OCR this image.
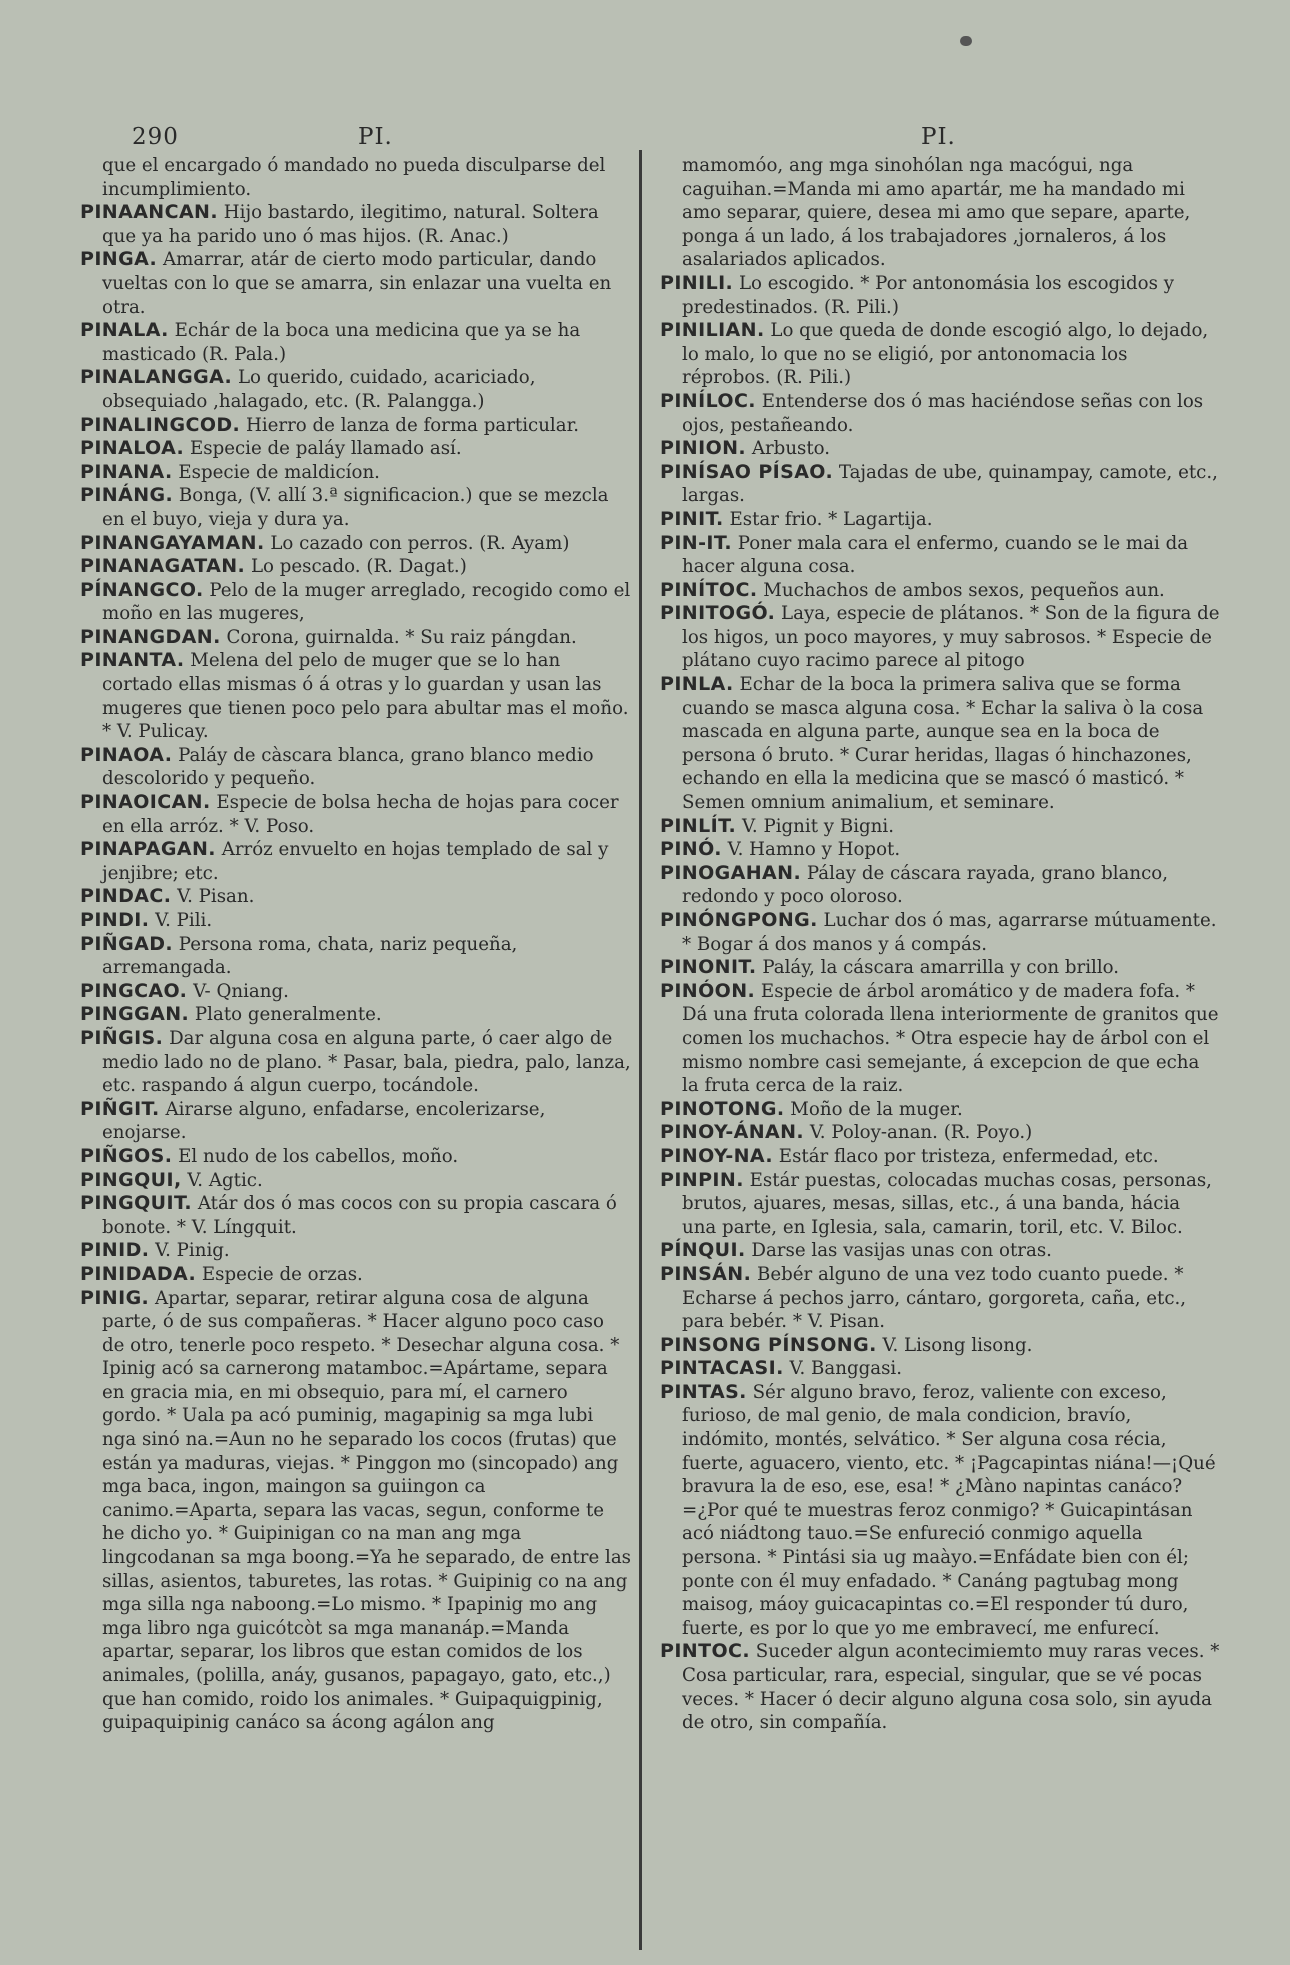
290	PI.	PI.

que el encargado ó mandado no pueda disculparse del incumplimiento.

PINAANCAN. Hijo bastardo, ilegitimo, natural. Soltera que ya ha parido uno ó mas hijos. (R. Anac.)

PINGA. Amarrar, atár de cierto modo particular, dando vueltas con lo que se amarra, sin enlazar una vuelta en otra.

PINALA. Echár de la boca una medicina que ya se ha masticado (R. Pala.)

PINALANGGA. Lo querido, cuidado, acariciado, obsequiado ,halagado, etc. (R. Palangga.)

PINALINGCOD. Hierro de lanza de forma particular.

PINALOA. Especie de paláy llamado así.

PINANA. Especie de maldicíon.

PINÁNG. Bonga, (V. allí 3.ª significacion.) que se mezcla en el buyo, vieja y dura ya.

PINANGAYAMAN. Lo cazado con perros. (R. Ayam)

PINANAGATAN. Lo pescado. (R. Dagat.)

PÍNANGCO. Pelo de la muger arreglado, recogido como el moño en las mugeres,

PINANGDAN. Corona, guirnalda. * Su raiz pángdan.

PINANTA. Melena del pelo de muger que se lo han cortado ellas mismas ó á otras y lo guardan y usan las mugeres que tienen poco pelo para abultar mas el moño. * V. Pulicay.

PINAOA. Paláy de càscara blanca, grano blanco medio descolorido y pequeño.

PINAOICAN. Especie de bolsa hecha de hojas para cocer en ella arróz. * V. Poso.

PINAPAGAN. Arróz envuelto en hojas templado de sal y jenjibre; etc.

PINDAC. V. Pisan.

PINDI. V. Pili.

PIÑGAD. Persona roma, chata, nariz pequeña, arremangada.

PINGCAO. V- Qniang.

PINGGAN. Plato generalmente.

PIÑGIS. Dar alguna cosa en alguna parte, ó caer algo de medio lado no de plano. * Pasar, bala, piedra, palo, lanza, etc. raspando á algun cuerpo, tocándole.

PIÑGIT. Airarse alguno, enfadarse, encolerizarse, enojarse.

PIÑGOS. El nudo de los cabellos, moño.

PINGQUI, V. Agtic.

PINGQUIT. Atár dos ó mas cocos con su propia cascara ó bonote. * V. Língquit.

PINID. V. Pinig.

PINIDADA. Especie de orzas.

PINIG. Apartar, separar, retirar alguna cosa de alguna parte, ó de sus compañeras. * Hacer alguno poco caso de otro, tenerle poco respeto. * Desechar alguna cosa. * Ipinig acó sa carnerong matamboc.=Apártame, separa en gracia mia, en mi obsequio, para mí, el carnero gordo. * Uala pa acó puminig, magapinig sa mga lubi nga sinó na.=Aun no he separado los cocos (frutas) que están ya maduras, viejas. * Pinggon mo (sincopado) ang mga baca, ingon, maingon sa guiingon ca canimo.=Aparta, separa las vacas, segun, conforme te he dicho yo. * Guipinigan co na man ang mga lingcodanan sa mga boong.=Ya he separado, de entre las sillas, asientos, taburetes, las rotas. * Guipinig co na ang mga silla nga naboong.=Lo mismo. * Ipapinig mo ang mga libro nga guicótcòt sa mga mananáp.=Manda apartar, separar, los libros que estan comidos de los animales, (polilla, anáy, gusanos, papagayo, gato, etc.,) que han comido, roido los animales. * Guipaquigpinig, guipaquipinig canáco sa ácong agálon ang

mamomóo, ang mga sinohólan nga macógui, nga caguihan.=Manda mi amo apartár, me ha mandado mi amo separar, quiere, desea mi amo que separe, aparte, ponga á un lado, á los trabajadores ,jornaleros, á los asalariados aplicados.

PINILI. Lo escogido. * Por antonomásia los escogidos y predestinados. (R. Pili.)

PINILIAN. Lo que queda de donde escogió algo, lo dejado, lo malo, lo que no se eligió, por antonomacia los réprobos. (R. Pili.)

PINÍLOC. Entenderse dos ó mas haciéndose señas con los ojos, pestañeando.

PINION. Arbusto.

PINÍSAO PÍSAO. Tajadas de ube, quinampay, camote, etc., largas.

PINIT. Estar frio. * Lagartija.

PIN-IT. Poner mala cara el enfermo, cuando se le mai da hacer alguna cosa.

PINÍTOC. Muchachos de ambos sexos, pequeños aun.

PINITOGÓ. Laya, especie de plátanos. * Son de la figura de los higos, un poco mayores, y muy sabrosos. * Especie de plátano cuyo racimo parece al pitogo

PINLA. Echar de la boca la primera saliva que se forma cuando se masca alguna cosa. * Echar la saliva ò la cosa mascada en alguna parte, aunque sea en la boca de persona ó bruto. * Curar heridas, llagas ó hinchazones, echando en ella la medicina que se mascó ó masticó. * Semen omnium animalium, et seminare.

PINLÍT. V. Pignit y Bigni.

PINÓ. V. Hamno y Hopot.

PINOGAHAN. Pálay de cáscara rayada, grano blanco, redondo y poco oloroso.

PINÓNGPONG. Luchar dos ó mas, agarrarse mútuamente. * Bogar á dos manos y á compás.

PINONIT. Paláy, la cáscara amarrilla y con brillo.

PINÓON. Especie de árbol aromático y de madera fofa. * Dá una fruta colorada llena interiormente de granitos que comen los muchachos. * Otra especie hay de árbol con el mismo nombre casi semejante, á excepcion de que echa la fruta cerca de la raiz.

PINOTONG. Moño de la muger.

PINOY-ÁNAN. V. Poloy-anan. (R. Poyo.)

PINOY-NA. Estár flaco por tristeza, enfermedad, etc.

PINPIN. Estár puestas, colocadas muchas cosas, personas, brutos, ajuares, mesas, sillas, etc., á una banda, hácia una parte, en Iglesia, sala, camarin, toril, etc. V. Biloc.

PÍNQUI. Darse las vasijas unas con otras.

PINSÁN. Bebér alguno de una vez todo cuanto puede. * Echarse á pechos jarro, cántaro, gorgoreta, caña, etc., para bebér. * V. Pisan.

PINSONG PÍNSONG. V. Lisong lisong.

PINTACASI. V. Banggasi.

PINTAS. Sér alguno bravo, feroz, valiente con exceso, furioso, de mal genio, de mala condicion, bravío, indómito, montés, selvático. * Ser alguna cosa récia, fuerte, aguacero, viento, etc. * ¡Pagcapintas niána!—¡Qué bravura la de eso, ese, esa! * ¿Màno napintas canáco?=¿Por qué te muestras feroz conmigo? * Guicapintásan acó niádtong tauo.=Se enfureció conmigo aquella persona. * Pintási sia ug maàyo.=Enfádate bien con él; ponte con él muy enfadado. * Canáng pagtubag mong maisog, máoy guicacapintas co.=El responder tú duro, fuerte, es por lo que yo me embravecí, me enfurecí.

PINTOC. Suceder algun acontecimiemto muy raras veces. * Cosa particular, rara, especial, singular, que se vé pocas veces. * Hacer ó decir alguno alguna cosa solo, sin ayuda de otro, sin compañía.
